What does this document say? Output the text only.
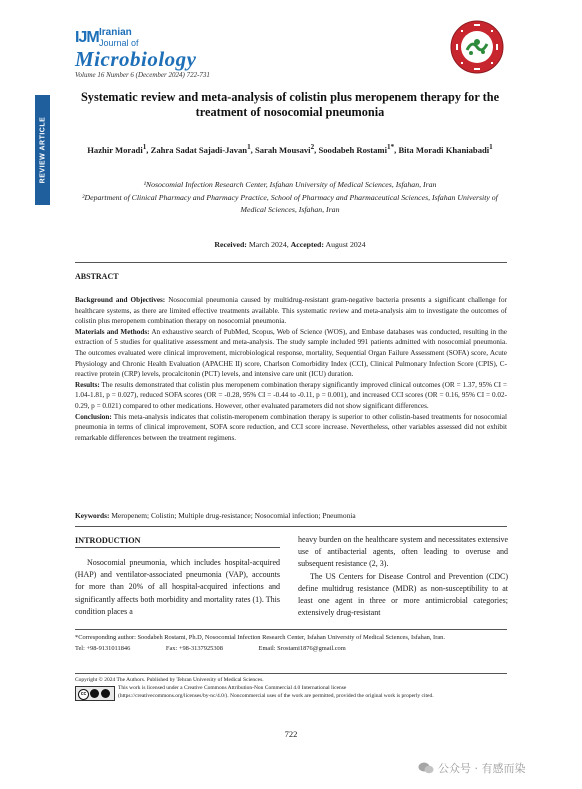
IJM Iranian
Journal of
Microbiology
Volume 16 Number 6 (December 2024) 722-731
REVIEW ARTICLE
Systematic review and meta-analysis of colistin plus meropenem therapy for the treatment of nosocomial pneumonia
Hazhir Moradi$^1$, Zahra Sadat Sajadi-Javan$^1$, Sarah Mousavi$^2$, Soodabeh Rostami$^{1*}$, Bita Moradi Khaniabadi$^1$
¹Nosocomial Infection Research Center, Isfahan University of Medical Sciences, Isfahan, Iran
²Department of Clinical Pharmacy and Pharmacy Practice, School of Pharmacy and Pharmaceutical Sciences, Isfahan University of Medical Sciences, Isfahan, Iran
Received: March 2024, Accepted: August 2024
ABSTRACT

Background and Objectives: Nosocomial pneumonia caused by multidrug-resistant gram-negative bacteria presents a significant challenge for healthcare systems, as there are limited effective treatments available. This systematic review and meta-analysis aim to investigate the outcomes of colistin plus meropenem combination therapy on nosocomial pneumonia.

Materials and Methods: An exhaustive search of PubMed, Scopus, Web of Science (WOS), and Embase databases was conducted, resulting in the extraction of 5 studies for qualitative assessment and meta-analysis. The study sample included 991 patients admitted with nosocomial pneumonia. The outcomes evaluated were clinical improvement, microbiological response, mortality, Sequential Organ Failure Assessment (SOFA) score, Acute Physiology and Chronic Health Evaluation (APACHE II) score, Charlson Comorbidity Index (CCI), Clinical Pulmonary Infection Score (CPIS), C-reactive protein (CRP) levels, procalcitonin (PCT) levels, and intensive care unit (ICU) duration.

Results: The results demonstrated that colistin plus meropenem combination therapy significantly improved clinical outcomes (OR = 1.37, 95% CI = 1.04-1.81, p = 0.027), reduced SOFA scores (OR = -0.28, 95% CI = -0.44 to -0.11, p = 0.001), and increased CCI scores (OR = 0.16, 95% CI = 0.02-0.29, p = 0.021) compared to other medications. However, other evaluated parameters did not show significant differences.

Conclusion: This meta-analysis indicates that colistin-meropenem combination therapy is superior to other colistin-based treatments for nosocomial pneumonia in terms of clinical improvement, SOFA score reduction, and CCI score increase. Nevertheless, other variables assessed did not exhibit remarkable differences between the treatment regimens.

Keywords: Meropenem; Colistin; Multiple drug-resistance; Nosocomial infection; Pneumonia
INTRODUCTION

Nosocomial pneumonia, which includes hospital-acquired (HAP) and ventilator-associated pneumonia (VAP), accounts for more than 20% of all hospital-acquired infections and significantly affects both morbidity and mortality rates (1). This condition places a

heavy burden on the healthcare system and necessitates extensive use of antibacterial agents, often leading to overuse and subsequent resistance (2, 3).

The US Centers for Disease Control and Prevention (CDC) define multidrug resistance (MDR) as non-susceptibility to at least one agent in three or more antimicrobial categories; extensively drug-resistant

*Corresponding author: Soodabeh Rostami, Ph.D, Nosocomial Infection Research Center, Isfahan University of Medical Sciences, Isfahan, Iran.
Tel: +98-9131011846	Fax: +98-3137925308	Email: Srostami1876@gmail.com
Copyright © 2024 The Authors. Published by Tehran University of Medical Sciences.
cc
This work is licensed under a Creative Commons Attribution-Non Commercial 4.0 International license
(https://creativecommons.org/licenses/by-nc/4.0/). Noncommercial uses of the work are permitted, provided the original work is properly cited.
722
公众号 · 有感而染
